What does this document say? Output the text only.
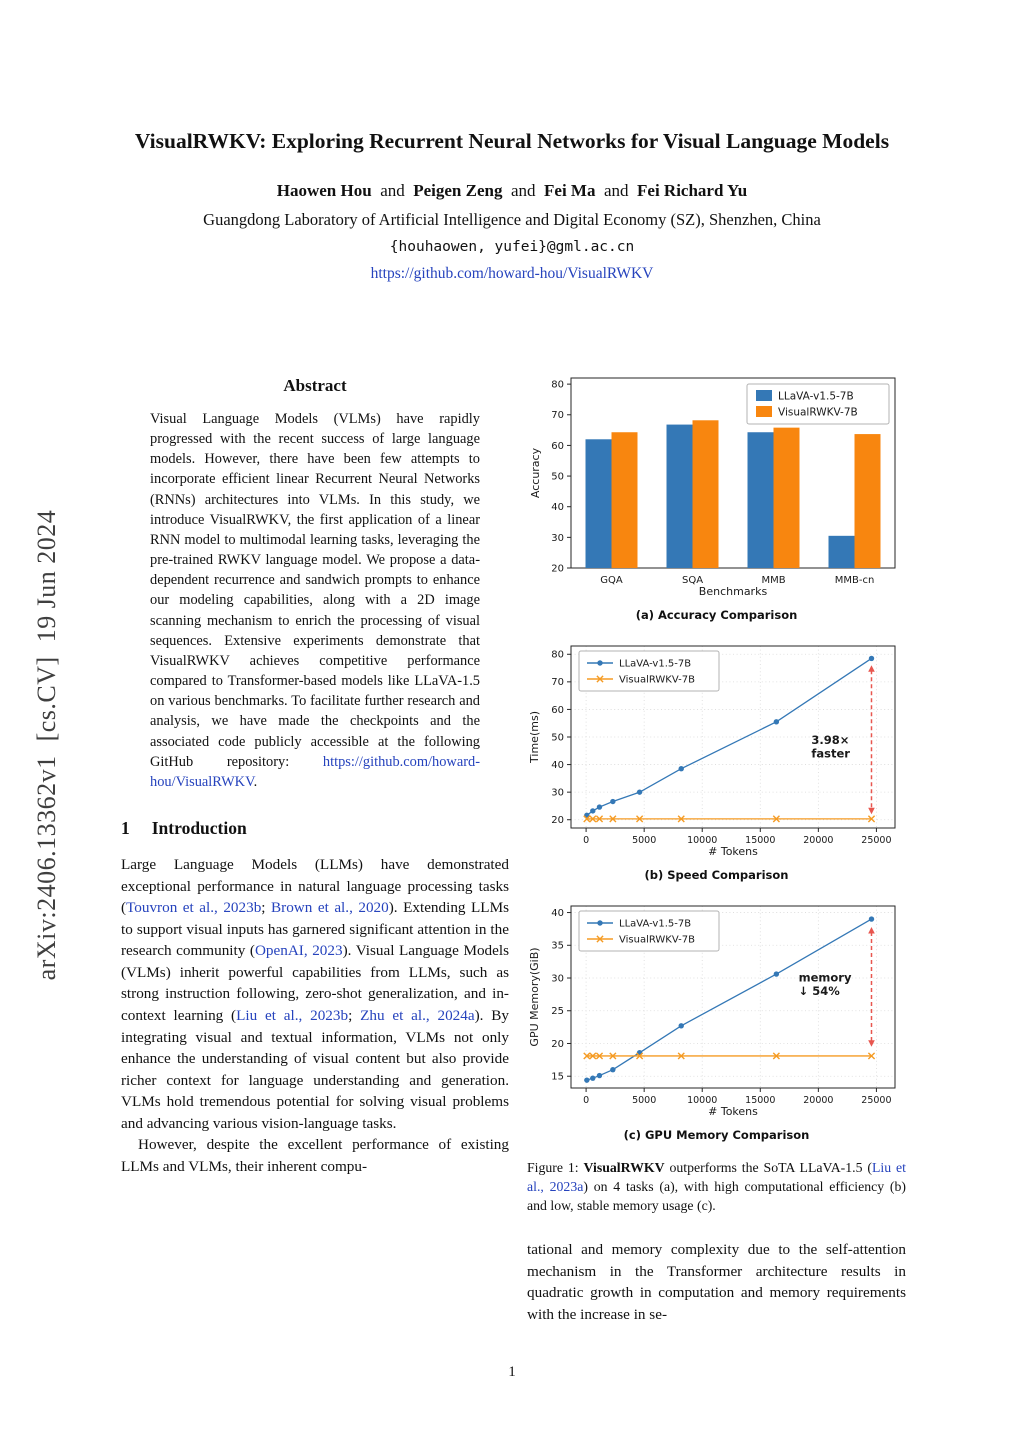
arXiv:2406.13362v1  [cs.CV]  19 Jun 2024
VisualRWKV: Exploring Recurrent Neural Networks for Visual Language Models
Haowen Hou  and  Peigen Zeng  and  Fei Ma  and  Fei Richard Yu
Guangdong Laboratory of Artificial Intelligence and Digital Economy (SZ), Shenzhen, China
{houhaowen, yufei}@gml.ac.cn
https://github.com/howard-hou/VisualRWKV
Abstract

Visual Language Models (VLMs) have rapidly progressed with the recent success of large language models. However, there have been few attempts to incorporate efficient linear Recurrent Neural Networks (RNNs) architectures into VLMs. In this study, we introduce VisualRWKV, the first application of a linear RNN model to multimodal learning tasks, leveraging the pre-trained RWKV language model. We propose a data-dependent recurrence and sandwich prompts to enhance our modeling capabilities, along with a 2D image scanning mechanism to enrich the processing of visual sequences. Extensive experiments demonstrate that VisualRWKV achieves competitive performance compared to Transformer-based models like LLaVA-1.5 on various benchmarks. To facilitate further research and analysis, we have made the checkpoints and the associated code publicly accessible at the following GitHub repository: https://github.com/howard-hou/VisualRWKV.

1 Introduction

Large Language Models (LLMs) have demonstrated exceptional performance in natural language processing tasks (Touvron et al., 2023b; Brown et al., 2020). Extending LLMs to support visual inputs has garnered significant attention in the research community (OpenAI, 2023). Visual Language Models (VLMs) inherit powerful capabilities from LLMs, such as strong instruction following, zero-shot generalization, and in-context learning (Liu et al., 2023b; Zhu et al., 2024a). By integrating visual and textual information, VLMs not only enhance the understanding of visual content but also provide richer context for language understanding and generation. VLMs hold tremendous potential for solving visual problems and advancing various vision-language tasks.

However, despite the excellent performance of existing LLMs and VLMs, their inherent compu-

20
30
40
50
60
70
80
GQA	SQA	MMB	MMB-cn
Benchmarks
Accuracy
LLaVA-v1.5-7B
VisualRWKV-7B
(a) Accuracy Comparison
20
30
40
50
60
70
80
0	5000	10000	15000	20000	25000
# Tokens
Time(ms)	3.98×
faster
LLaVA-v1.5-7B
VisualRWKV-7B
(b) Speed Comparison
15
20
25
30
35
40
0	5000	10000	15000	20000	25000
# Tokens
GPU Memory(GiB)	memory
↓ 54%
LLaVA-v1.5-7B
VisualRWKV-7B
(c) GPU Memory Comparison

Figure 1: VisualRWKV outperforms the SoTA LLaVA-1.5 (Liu et al., 2023a) on 4 tasks (a), with high computational efficiency (b) and low, stable memory usage (c).

tational and memory complexity due to the self-attention mechanism in the Transformer architecture results in quadratic growth in computation and memory requirements with the increase in se-

1
